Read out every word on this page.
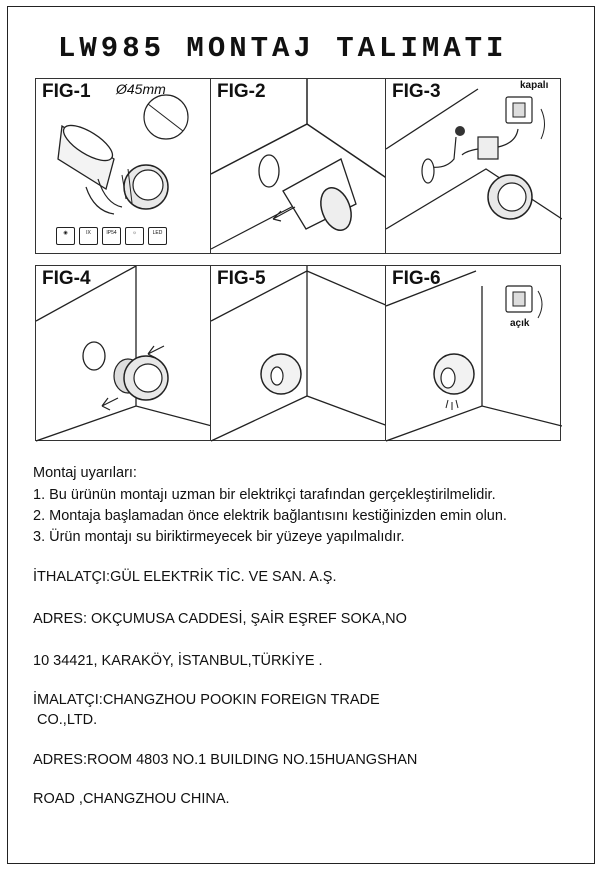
LW985 MONTAJ TALIMATI
FIG-1 Ø45mm
◉	IX	IP54	☼	LED
FIG-2	FIG-3	kapalı
FIG-4	FIG-5	FIG-6
açık

Montaj uyarıları:

1. Bu ürünün montajı uzman bir elektrikçi tarafından gerçekleştirilmelidir.

2. Montaja başlamadan önce elektrik bağlantısını kestiğinizden emin olun.

3. Ürün montajı su biriktirmeyecek bir yüzeye yapılmalıdır.

İTHALATÇI:GÜL ELEKTRİK TİC. VE SAN. A.Ş.

ADRES: OKÇUMUSA CADDESİ, ŞAİR EŞREF SOKA,NO

10 34421, KARAKÖY, İSTANBUL,TÜRKİYE .

İMALATÇI:CHANGZHOU POOKIN FOREIGN TRADE

CO.,LTD.

ADRES:ROOM 4803 NO.1 BUILDING NO.15HUANGSHAN

ROAD ,CHANGZHOU CHINA.
